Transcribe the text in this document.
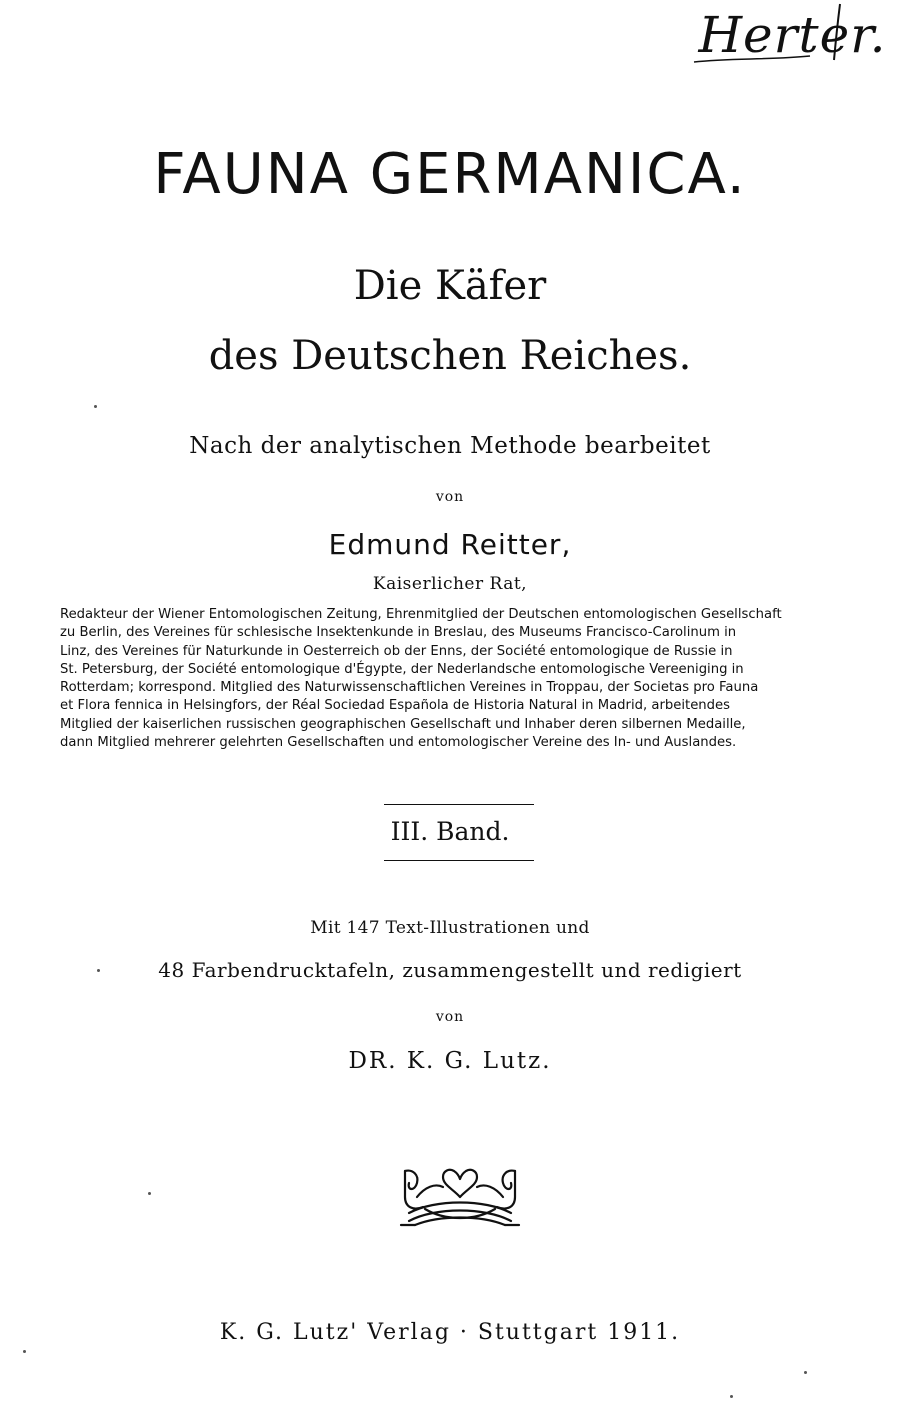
Herter.
FAUNA GERMANICA.
Die Käfer
des Deutschen Reiches.
Nach der analytischen Methode bearbeitet
von
Edmund Reitter,
Kaiserlicher Rat,
Redakteur der Wiener Entomologischen Zeitung, Ehrenmitglied der Deutschen entomologischen Gesellschaft
zu Berlin, des Vereines für schlesische Insektenkunde in Breslau, des Museums Francisco-Carolinum in
Linz, des Vereines für Naturkunde in Oesterreich ob der Enns, der Société entomologique de Russie in
St. Petersburg, der Société entomologique d'Égypte, der Nederlandsche entomologische Vereeniging in
Rotterdam; korrespond. Mitglied des Naturwissenschaftlichen Vereines in Troppau, der Societas pro Fauna
et Flora fennica in Helsingfors, der Réal Sociedad Española de Historia Natural in Madrid, arbeitendes
Mitglied der kaiserlichen russischen geographischen Gesellschaft und Inhaber deren silbernen Medaille,
dann Mitglied mehrerer gelehrten Gesellschaften und entomologischer Vereine des In- und Auslandes.
III. Band.
Mit 147 Text-Illustrationen und
48 Farbendrucktafeln, zusammengestellt und redigiert
von
DR. K. G. Lutz.
K. G. Lutz' Verlag · Stuttgart 1911.
